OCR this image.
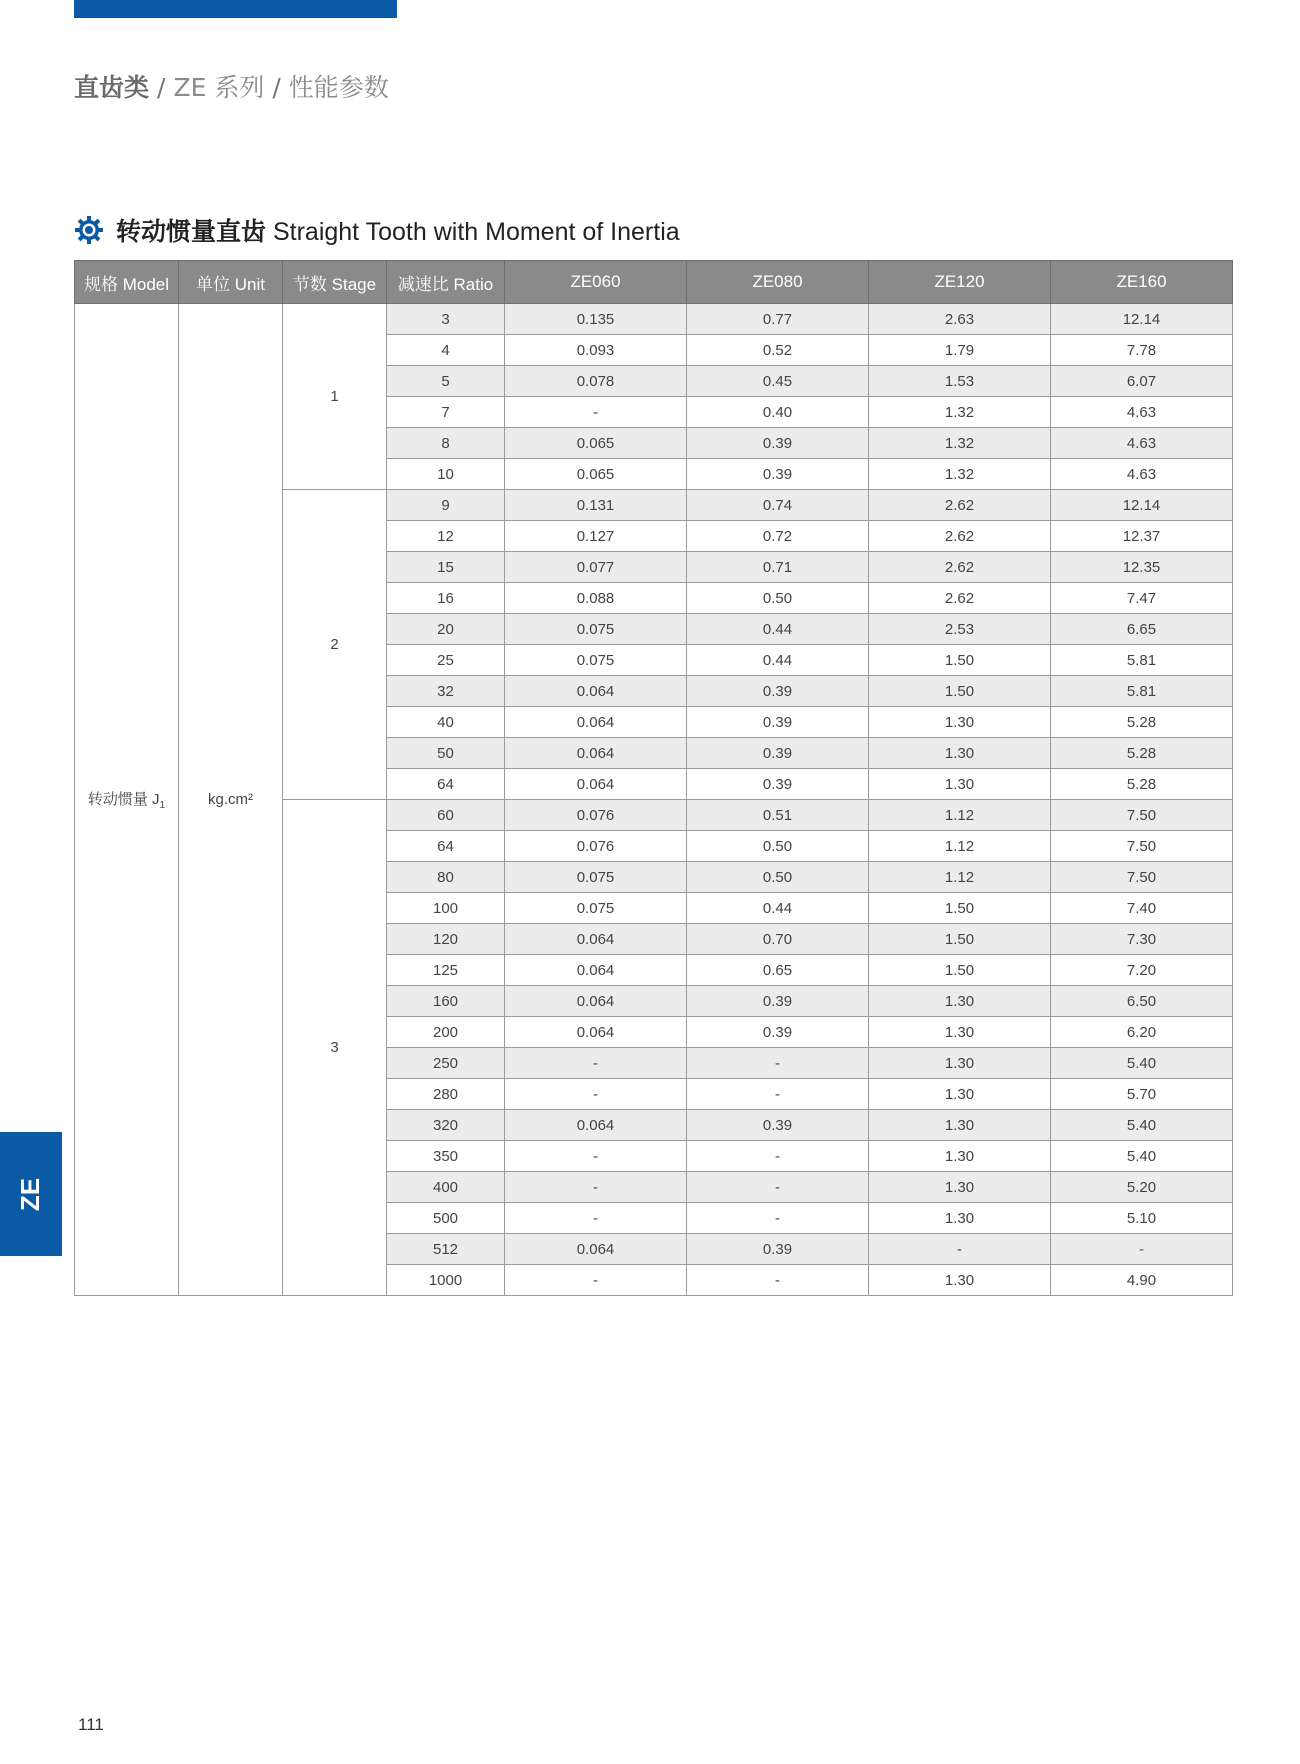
直齿类 / ZE 系列 / 性能参数
转动惯量直齿 Straight Tooth with Moment of Inertia
规格 Model	单位 Unit	节数 Stage	减速比 Ratio	ZE060	ZE080	ZE120	ZE160
转动惯量 $J_1$	kg.cm²	1	3	0.135	0.77	2.63	12.14
			4	0.093	0.52	1.79	7.78
			5	0.078	0.45	1.53	6.07
			7	-	0.40	1.32	4.63
			8	0.065	0.39	1.32	4.63
			10	0.065	0.39	1.32	4.63
		2	9	0.131	0.74	2.62	12.14
			12	0.127	0.72	2.62	12.37
			15	0.077	0.71	2.62	12.35
			16	0.088	0.50	2.62	7.47
			20	0.075	0.44	2.53	6.65
			25	0.075	0.44	1.50	5.81
			32	0.064	0.39	1.50	5.81
			40	0.064	0.39	1.30	5.28
			50	0.064	0.39	1.30	5.28
			64	0.064	0.39	1.30	5.28
		3	60	0.076	0.51	1.12	7.50
			64	0.076	0.50	1.12	7.50
			80	0.075	0.50	1.12	7.50
			100	0.075	0.44	1.50	7.40
			120	0.064	0.70	1.50	7.30
			125	0.064	0.65	1.50	7.20
			160	0.064	0.39	1.30	6.50
			200	0.064	0.39	1.30	6.20
			250	-	-	1.30	5.40
			280	-	-	1.30	5.70
			320	0.064	0.39	1.30	5.40
			350	-	-	1.30	5.40
			400	-	-	1.30	5.20
			500	-	-	1.30	5.10
			512	0.064	0.39	-	-
			1000	-	-	1.30	4.90
ZE
111
